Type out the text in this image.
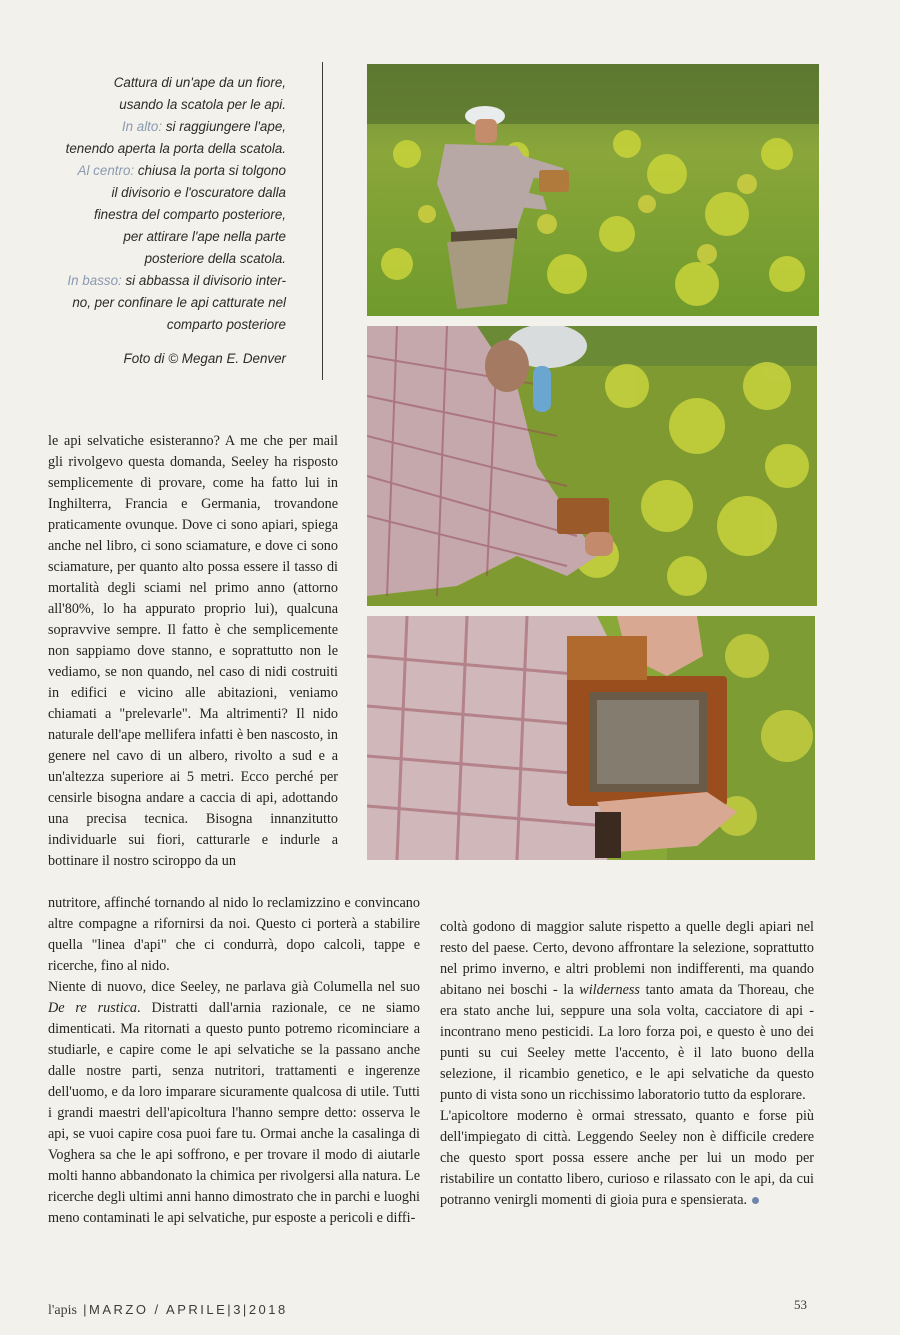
Cattura di un'ape da un fiore,
usando la scatola per le api.
In alto: si raggiungere l'ape,
tenendo aperta la porta della scatola.
Al centro: chiusa la porta si tolgono
il divisorio e l'oscuratore dalla
finestra del comparto posteriore,
per attirare l'ape nella parte
posteriore della scatola.
In basso: si abbassa il divisorio inter-
no, per confinare le api catturate nel
comparto posteriore
Foto di © Megan E. Denver

le api selvatiche esisteranno? A me che per mail gli rivolgevo questa domanda, Seeley ha risposto semplicemente di provare, come ha fatto lui in Inghilterra, Francia e Germania, trovandone praticamente ovunque. Dove ci sono apiari, spiega anche nel libro, ci sono sciamature, e dove ci sono sciamature, per quanto alto possa essere il tasso di mortalità degli sciami nel primo anno (attorno all'80%, lo ha appurato proprio lui), qualcuna sopravvive sempre. Il fatto è che semplicemente non sappiamo dove stanno, e soprattutto non le vediamo, se non quando, nel caso di nidi costruiti in edifici e vicino alle abitazioni, veniamo chiamati a "prelevarle". Ma altrimenti? Il nido naturale dell'ape mellifera infatti è ben nascosto, in genere nel cavo di un albero, rivolto a sud e a un'altezza superiore ai 5 metri. Ecco perché per censirle bisogna andare a caccia di api, adottando una precisa tecnica. Bisogna innanzitutto individuarle sui fiori, catturarle e indurle a bottinare il nostro sciroppo da un

nutritore, affinché tornando al nido lo reclamizzino e convincano altre compagne a rifornirsi da noi. Questo ci porterà a stabilire quella "linea d'api" che ci condurrà, dopo calcoli, tappe e ricerche, fino al nido.

Niente di nuovo, dice Seeley, ne parlava già Columella nel suo De re rustica. Distratti dall'arnia razionale, ce ne siamo dimenticati. Ma ritornati a questo punto potremo ricominciare a studiarle, e capire come le api selvatiche se la passano anche dalle nostre parti, senza nutritori, trattamenti e ingerenze dell'uomo, e da loro imparare sicuramente qualcosa di utile. Tutti i grandi maestri dell'apicoltura l'hanno sempre detto: osserva le api, se vuoi capire cosa puoi fare tu. Ormai anche la casalinga di Voghera sa che le api soffrono, e per trovare il modo di aiutarle molti hanno abbandonato la chimica per rivolgersi alla natura. Le ricerche degli ultimi anni hanno dimostrato che in parchi e luoghi meno contaminati le api selvatiche, pur esposte a pericoli e diffi-

coltà godono di maggior salute rispetto a quelle degli apiari nel resto del paese. Certo, devono affrontare la selezione, soprattutto nel primo inverno, e altri problemi non indifferenti, ma quando abitano nei boschi - la wilderness tanto amata da Thoreau, che era stato anche lui, seppure una sola volta, cacciatore di api - incontrano meno pesticidi. La loro forza poi, e questo è uno dei punti su cui Seeley mette l'accento, è il lato buono della selezione, il ricambio genetico, e le api selvatiche da questo punto di vista sono un ricchissimo laboratorio tutto da esplorare.

L'apicoltore moderno è ormai stressato, quanto e forse più dell'impiegato di città. Leggendo Seeley non è difficile credere che questo sport possa essere anche per lui un modo per ristabilire un contatto libero, curioso e rilassato con le api, da cui potranno venirgli momenti di gioia pura e spensierata.

l'apis |MARZO / APRILE|3|2018	53
